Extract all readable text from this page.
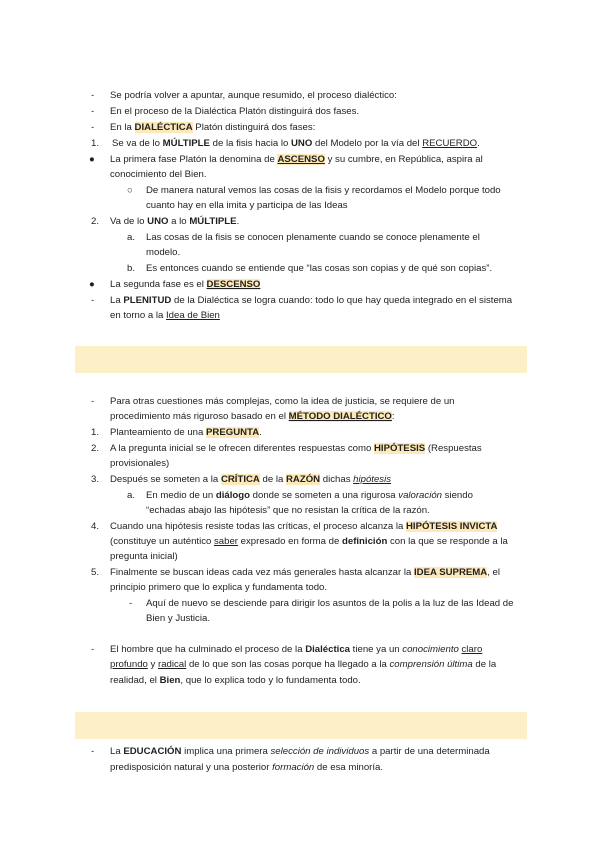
- Se podría volver a apuntar, aunque resumido, el proceso dialéctico:
- En el proceso de la Dialéctica Platón distinguirá dos fases.
- En la DIALÉCTICA Platón distinguirá dos fases:
1. Se va de lo MÚLTIPLE de la fisis hacia lo UNO del Modelo por la vía del RECUERDO.
● La primera fase Platón la denomina de ASCENSO y su cumbre, en República, aspira al
conocimiento del Bien.
○ De manera natural vemos las cosas de la fisis y recordamos el Modelo porque todo
cuanto hay en ella imita y participa de las Ideas
2. Va de lo UNO a lo MÚLTIPLE.
a. Las cosas de la fisis se conocen plenamente cuando se conoce plenamente el
modelo.
b. Es entonces cuando se entiende que “las cosas son copias y de qué son copias”.
● La segunda fase es el DESCENSO
- La PLENITUD de la Dialéctica se logra cuando: todo lo que hay queda integrado en el sistema
en torno a la Idea de Bien
- Para otras cuestiones más complejas, como la idea de justicia, se requiere de un
procedimiento más riguroso basado en el MÉTODO DIALÉCTICO:
1. Planteamiento de una PREGUNTA.
2. A la pregunta inicial se le ofrecen diferentes respuestas como HIPÓTESIS (Respuestas
provisionales)
3. Después se someten a la CRÍTICA de la RAZÓN dichas hipótesis
a. En medio de un diálogo donde se someten a una rigurosa valoración siendo
“echadas abajo las hipótesis” que no resistan la crítica de la razón.
4. Cuando una hipótesis resiste todas las críticas, el proceso alcanza la HIPÓTESIS INVICTA
(constituye un auténtico saber expresado en forma de definición con la que se responde a la
pregunta inicial)
5. Finalmente se buscan ideas cada vez más generales hasta alcanzar la IDEA SUPREMA, el
principio primero que lo explica y fundamenta todo.
- Aquí de nuevo se desciende para dirigir los asuntos de la polis a la luz de las Idead de
Bien y Justicia.
- El hombre que ha culminado el proceso de la Dialéctica tiene ya un conocimiento claro
profundo y radical de lo que son las cosas porque ha llegado a la comprensión última de la
realidad, el Bien, que lo explica todo y lo fundamenta todo.
- La EDUCACIÓN implica una primera selección de individuos a partir de una determinada
predisposición natural y una posterior formación de esa minoría.
